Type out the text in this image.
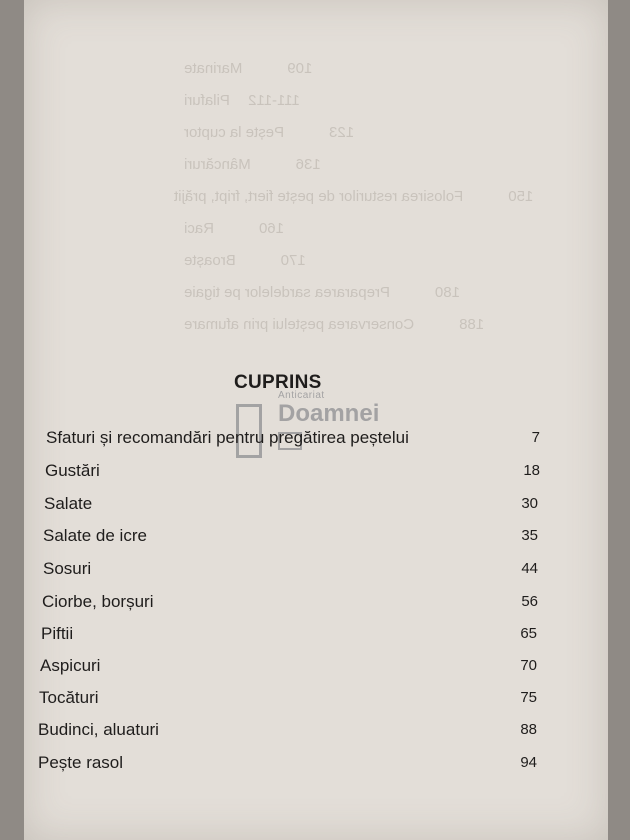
Marinate	109
Pilafuri 111-112
Pește la cuptor	123
Mâncăruri	136
Folosirea resturilor de pește fiert, fript, prăjit	150
Raci	160
Broaște	170
Prepararea sardelelor pe tigaie	180
Conservarea peștelui prin afumare	188
CUPRINS
Anticariat
Doamnei
Sfaturi și recomandări pentru pregătirea peștelui	7
Gustări	18
Salate	30
Salate de icre	35
Sosuri	44
Ciorbe, borșuri	56
Piftii	65
Aspicuri	70
Tocături	75
Budinci, aluaturi	88
Pește rasol	94
